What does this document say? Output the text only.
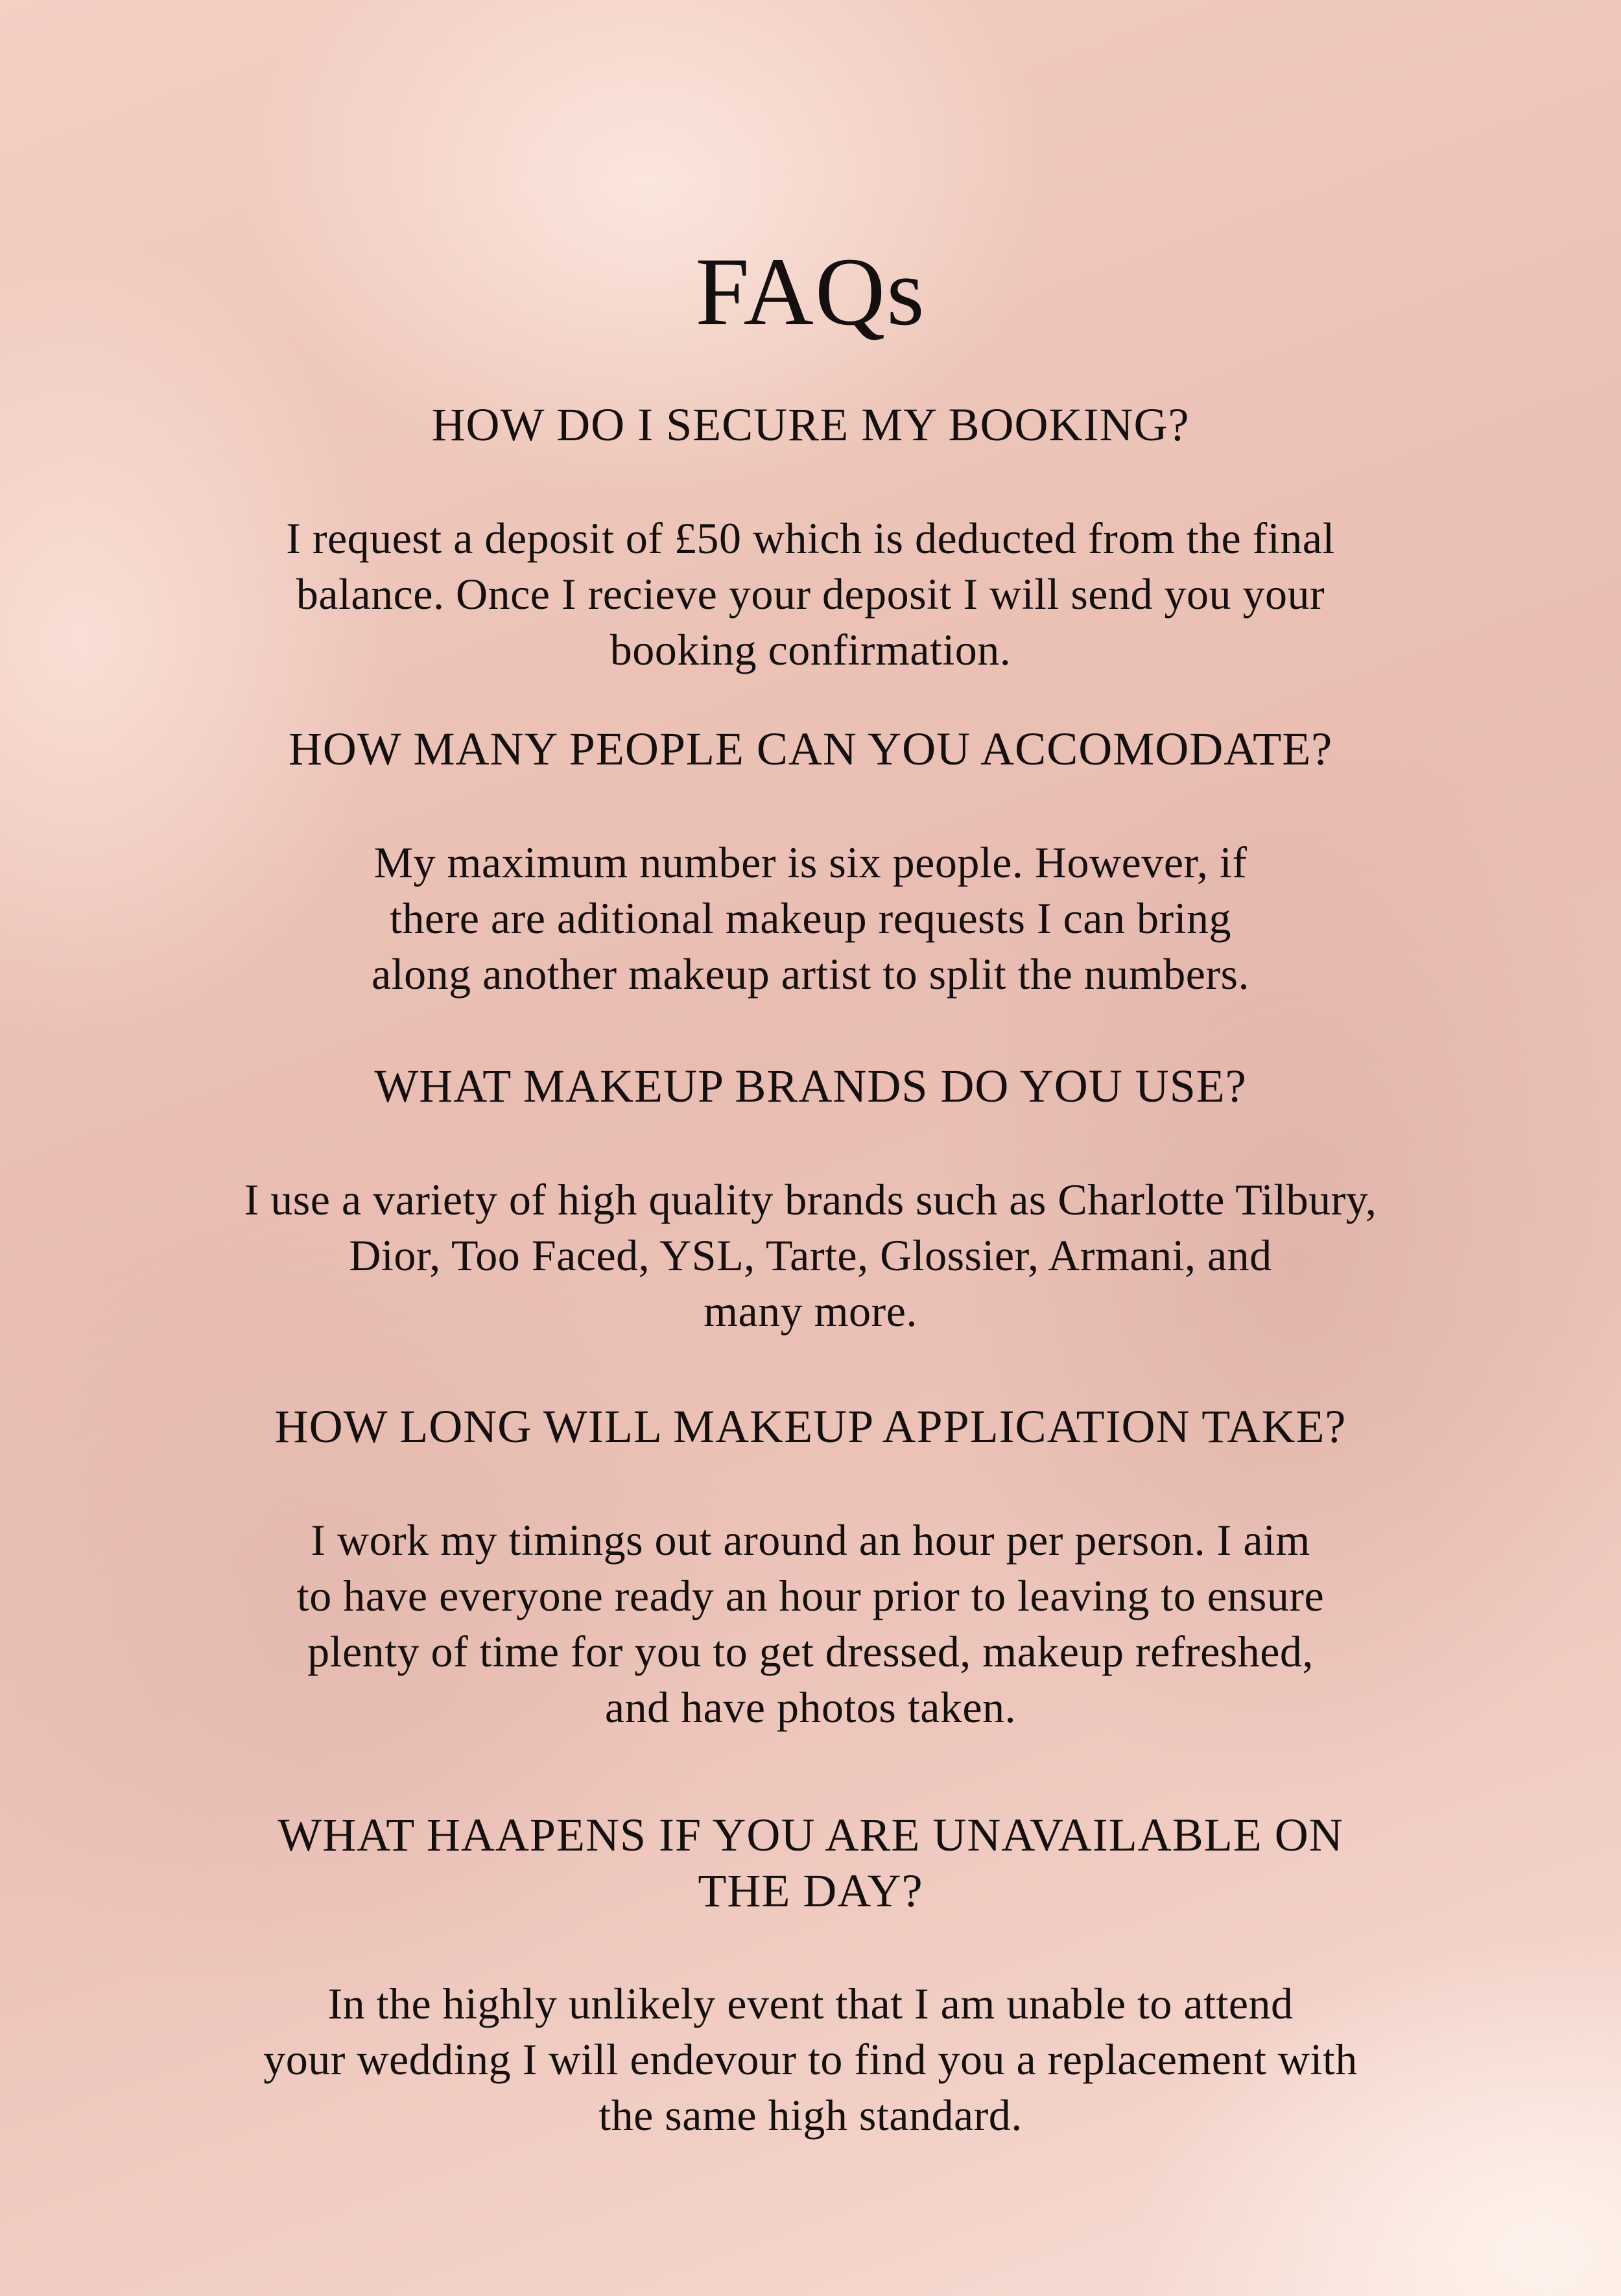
FAQs
HOW DO I SECURE MY BOOKING?
I request a deposit of £50 which is deducted from the final
balance. Once I recieve your deposit I will send you your
booking confirmation.
HOW MANY PEOPLE CAN YOU ACCOMODATE?
My maximum number is six people. However, if
there are aditional makeup requests I can bring
along another makeup artist to split the numbers.
WHAT MAKEUP BRANDS DO YOU USE?
I use a variety of high quality brands such as Charlotte Tilbury,
Dior, Too Faced, YSL, Tarte, Glossier, Armani, and
many more.
HOW LONG WILL MAKEUP APPLICATION TAKE?
I work my timings out around an hour per person. I aim
to have everyone ready an hour prior to leaving to ensure
plenty of time for you to get dressed, makeup refreshed,
and have photos taken.
WHAT HAAPENS IF YOU ARE UNAVAILABLE ON
THE DAY?
In the highly unlikely event that I am unable to attend
your wedding I will endevour to find you a replacement with
the same high standard.
